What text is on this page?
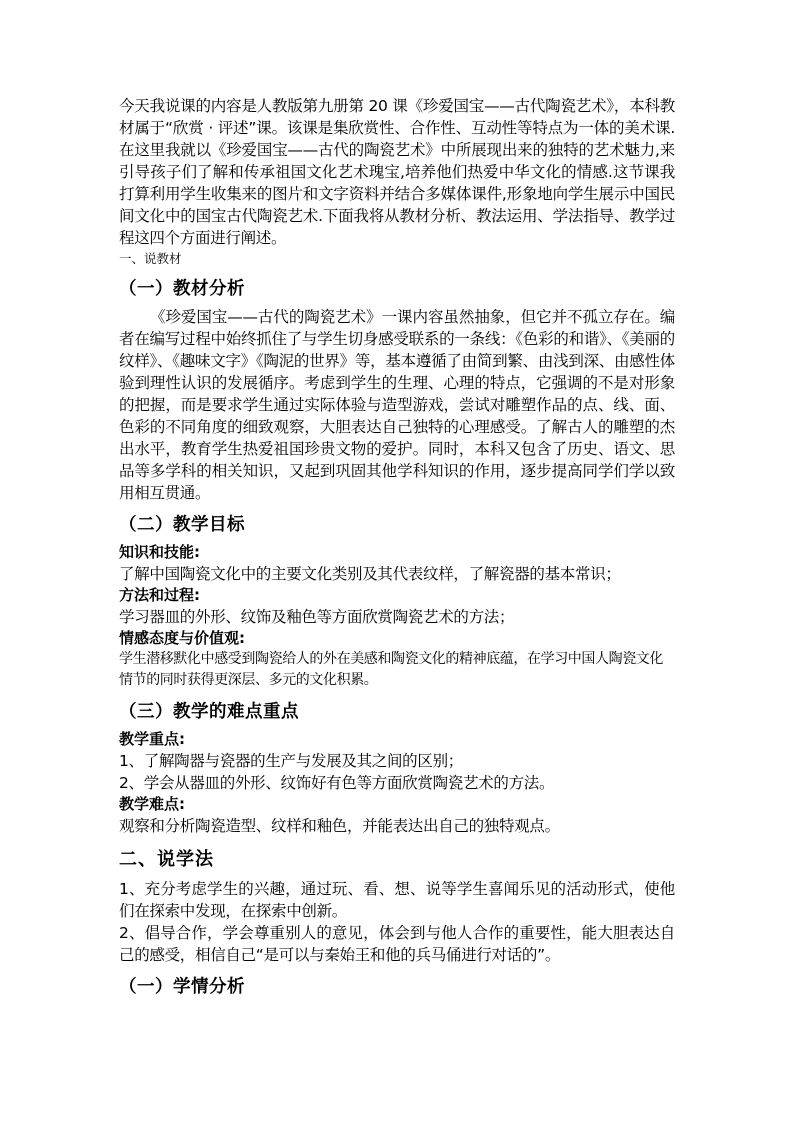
今天我说课的内容是人教版第九册第 20 课《珍爱国宝——古代陶瓷艺术》，本科教材属于“欣赏 · 评述”课。该课是集欣赏性、合作性、互动性等特点为一体的美术课.在这里我就以《珍爱国宝——古代的陶瓷艺术》中所展现出来的独特的艺术魅力,来引导孩子们了解和传承祖国文化艺术瑰宝,培养他们热爱中华文化的情感.这节课我打算利用学生收集来的图片和文字资料并结合多媒体课件,形象地向学生展示中国民间文化中的国宝古代陶瓷艺术.下面我将从教材分析、教法运用、学法指导、教学过程这四个方面进行阐述。

一、说教材

（一）教材分析

《珍爱国宝——古代的陶瓷艺术》一课内容虽然抽象，但它并不孤立存在。编者在编写过程中始终抓住了与学生切身感受联系的一条线：《色彩的和谐》、《美丽的纹样》、《趣味文字》《陶泥的世界》等，基本遵循了由简到繁、由浅到深、由感性体验到理性认识的发展循序。考虑到学生的生理、心理的特点，它强调的不是对形象的把握，而是要求学生通过实际体验与造型游戏，尝试对雕塑作品的点、线、面、色彩的不同角度的细致观察，大胆表达自己独特的心理感受。了解古人的雕塑的杰出水平，教育学生热爱祖国珍贵文物的爱护。同时，本科又包含了历史、语文、思品等多学科的相关知识，又起到巩固其他学科知识的作用，逐步提高同学们学以致用相互贯通。

（二）教学目标

知识和技能:

了解中国陶瓷文化中的主要文化类别及其代表纹样，了解瓷器的基本常识；

方法和过程:

学习器皿的外形、纹饰及釉色等方面欣赏陶瓷艺术的方法；

情感态度与价值观:

学生潜移默化中感受到陶瓷给人的外在美感和陶瓷文化的精神底蕴，在学习中国人陶瓷文化情节的同时获得更深层、多元的文化积累。

（三）教学的难点重点

教学重点:

1、了解陶器与瓷器的生产与发展及其之间的区别；

2、学会从器皿的外形、纹饰好有色等方面欣赏陶瓷艺术的方法。

教学难点:

观察和分析陶瓷造型、纹样和釉色，并能表达出自己的独特观点。

二、说学法

1、充分考虑学生的兴趣，通过玩、看、想、说等学生喜闻乐见的活动形式，使他们在探索中发现，在探索中创新。

2、倡导合作，学会尊重别人的意见，体会到与他人合作的重要性，能大胆表达自己的感受，相信自己“是可以与秦始王和他的兵马俑进行对话的”。

（一）学情分析
